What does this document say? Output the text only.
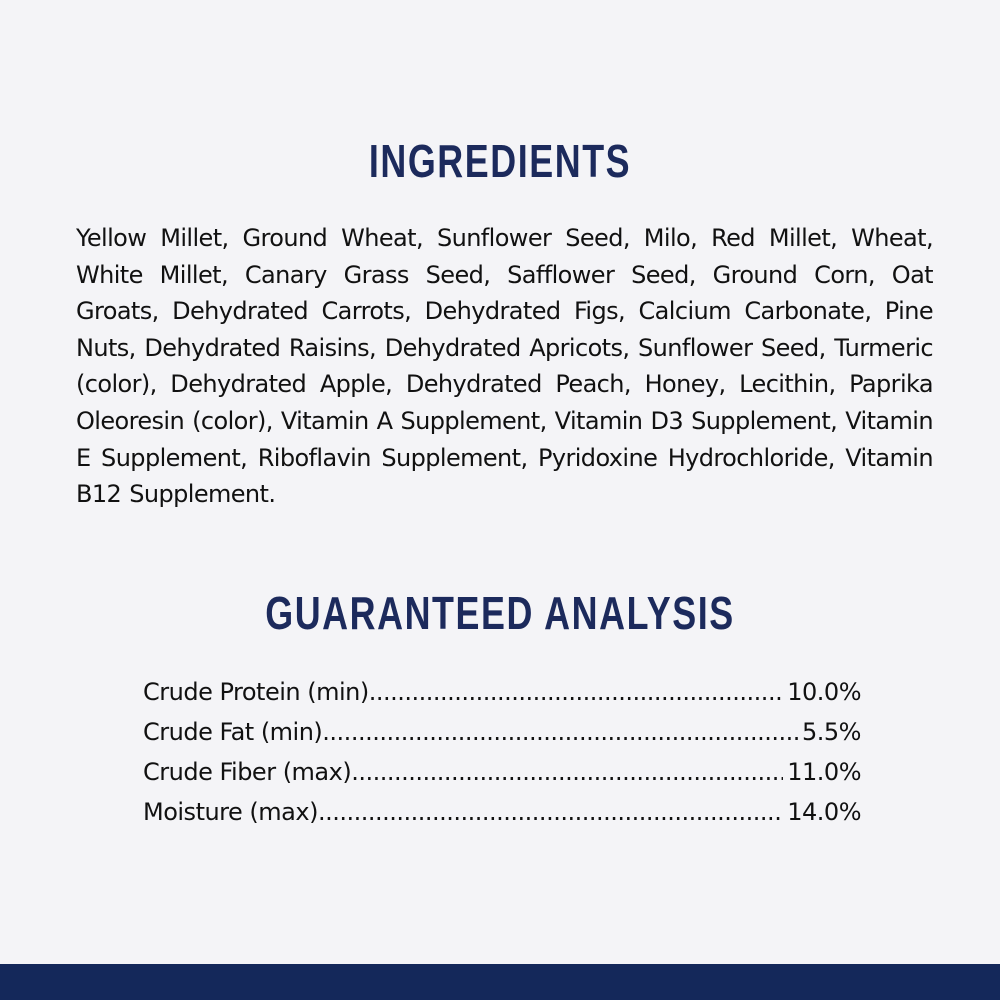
INGREDIENTS

Yellow Millet, Ground Wheat, Sunflower Seed, Milo, Red Millet, Wheat, White Millet, Canary Grass Seed, Safflower Seed, Ground Corn, Oat Groats, Dehydrated Carrots, Dehydrated Figs, Calcium Carbonate, Pine Nuts, Dehydrated Raisins, Dehydrated Apricots, Sunflower Seed, Turmeric (color), Dehydrated Apple, Dehydrated Peach, Honey, Lecithin, Paprika Oleoresin (color), Vitamin A Supplement, Vitamin D3 Supplement, Vitamin E Supplement, Riboflavin Supplement, Pyridoxine Hydrochloride, Vitamin B12 Supplement.

GUARANTEED ANALYSIS
Crude Protein (min) .....	10.0%
Crude Fat (min) .....	5.5%
Crude Fiber (max) .....	11.0%
Moisture (max) .....	14.0%
